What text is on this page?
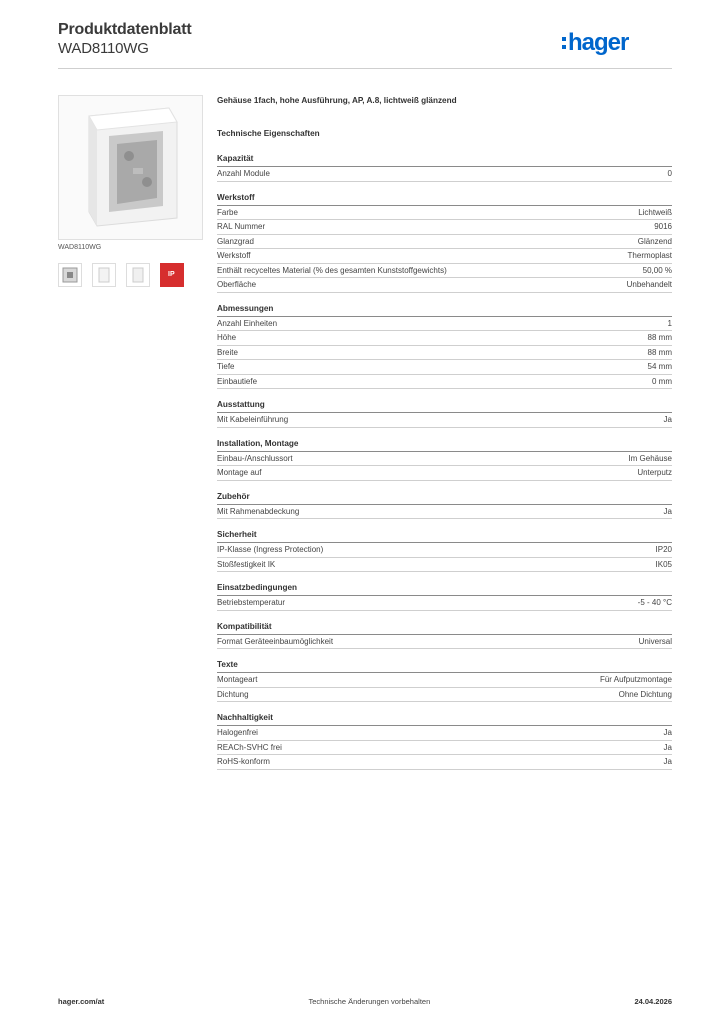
Produktdatenblatt
WAD8110WG	hager
WAD8110WG
IP
Gehäuse 1fach, hohe Ausführung, AP, A.8, lichtweiß glänzend
Technische Eigenschaften
Kapazität
Anzahl Module	0
Werkstoff
Farbe	Lichtweiß
RAL Nummer	9016
Glanzgrad	Glänzend
Werkstoff	Thermoplast
Enthält recyceltes Material (% des gesamten Kunststoffgewichts)	50,00 %
Oberfläche	Unbehandelt
Abmessungen
Anzahl Einheiten	1
Höhe	88 mm
Breite	88 mm
Tiefe	54 mm
Einbautiefe	0 mm
Ausstattung
Mit Kabeleinführung	Ja
Installation, Montage
Einbau-/Anschlussort	Im Gehäuse
Montage auf	Unterputz
Zubehör
Mit Rahmenabdeckung	Ja
Sicherheit
IP-Klasse (Ingress Protection)	IP20
Stoßfestigkeit IK	IK05
Einsatzbedingungen
Betriebstemperatur	-5 - 40 °C
Kompatibilität
Format Geräteeinbaumöglichkeit	Universal
Texte
Montageart	Für Aufputzmontage
Dichtung	Ohne Dichtung
Nachhaltigkeit
Halogenfrei	Ja
REACh-SVHC frei	Ja
RoHS-konform	Ja
hager.com/at	Technische Änderungen vorbehalten	24.04.2026
